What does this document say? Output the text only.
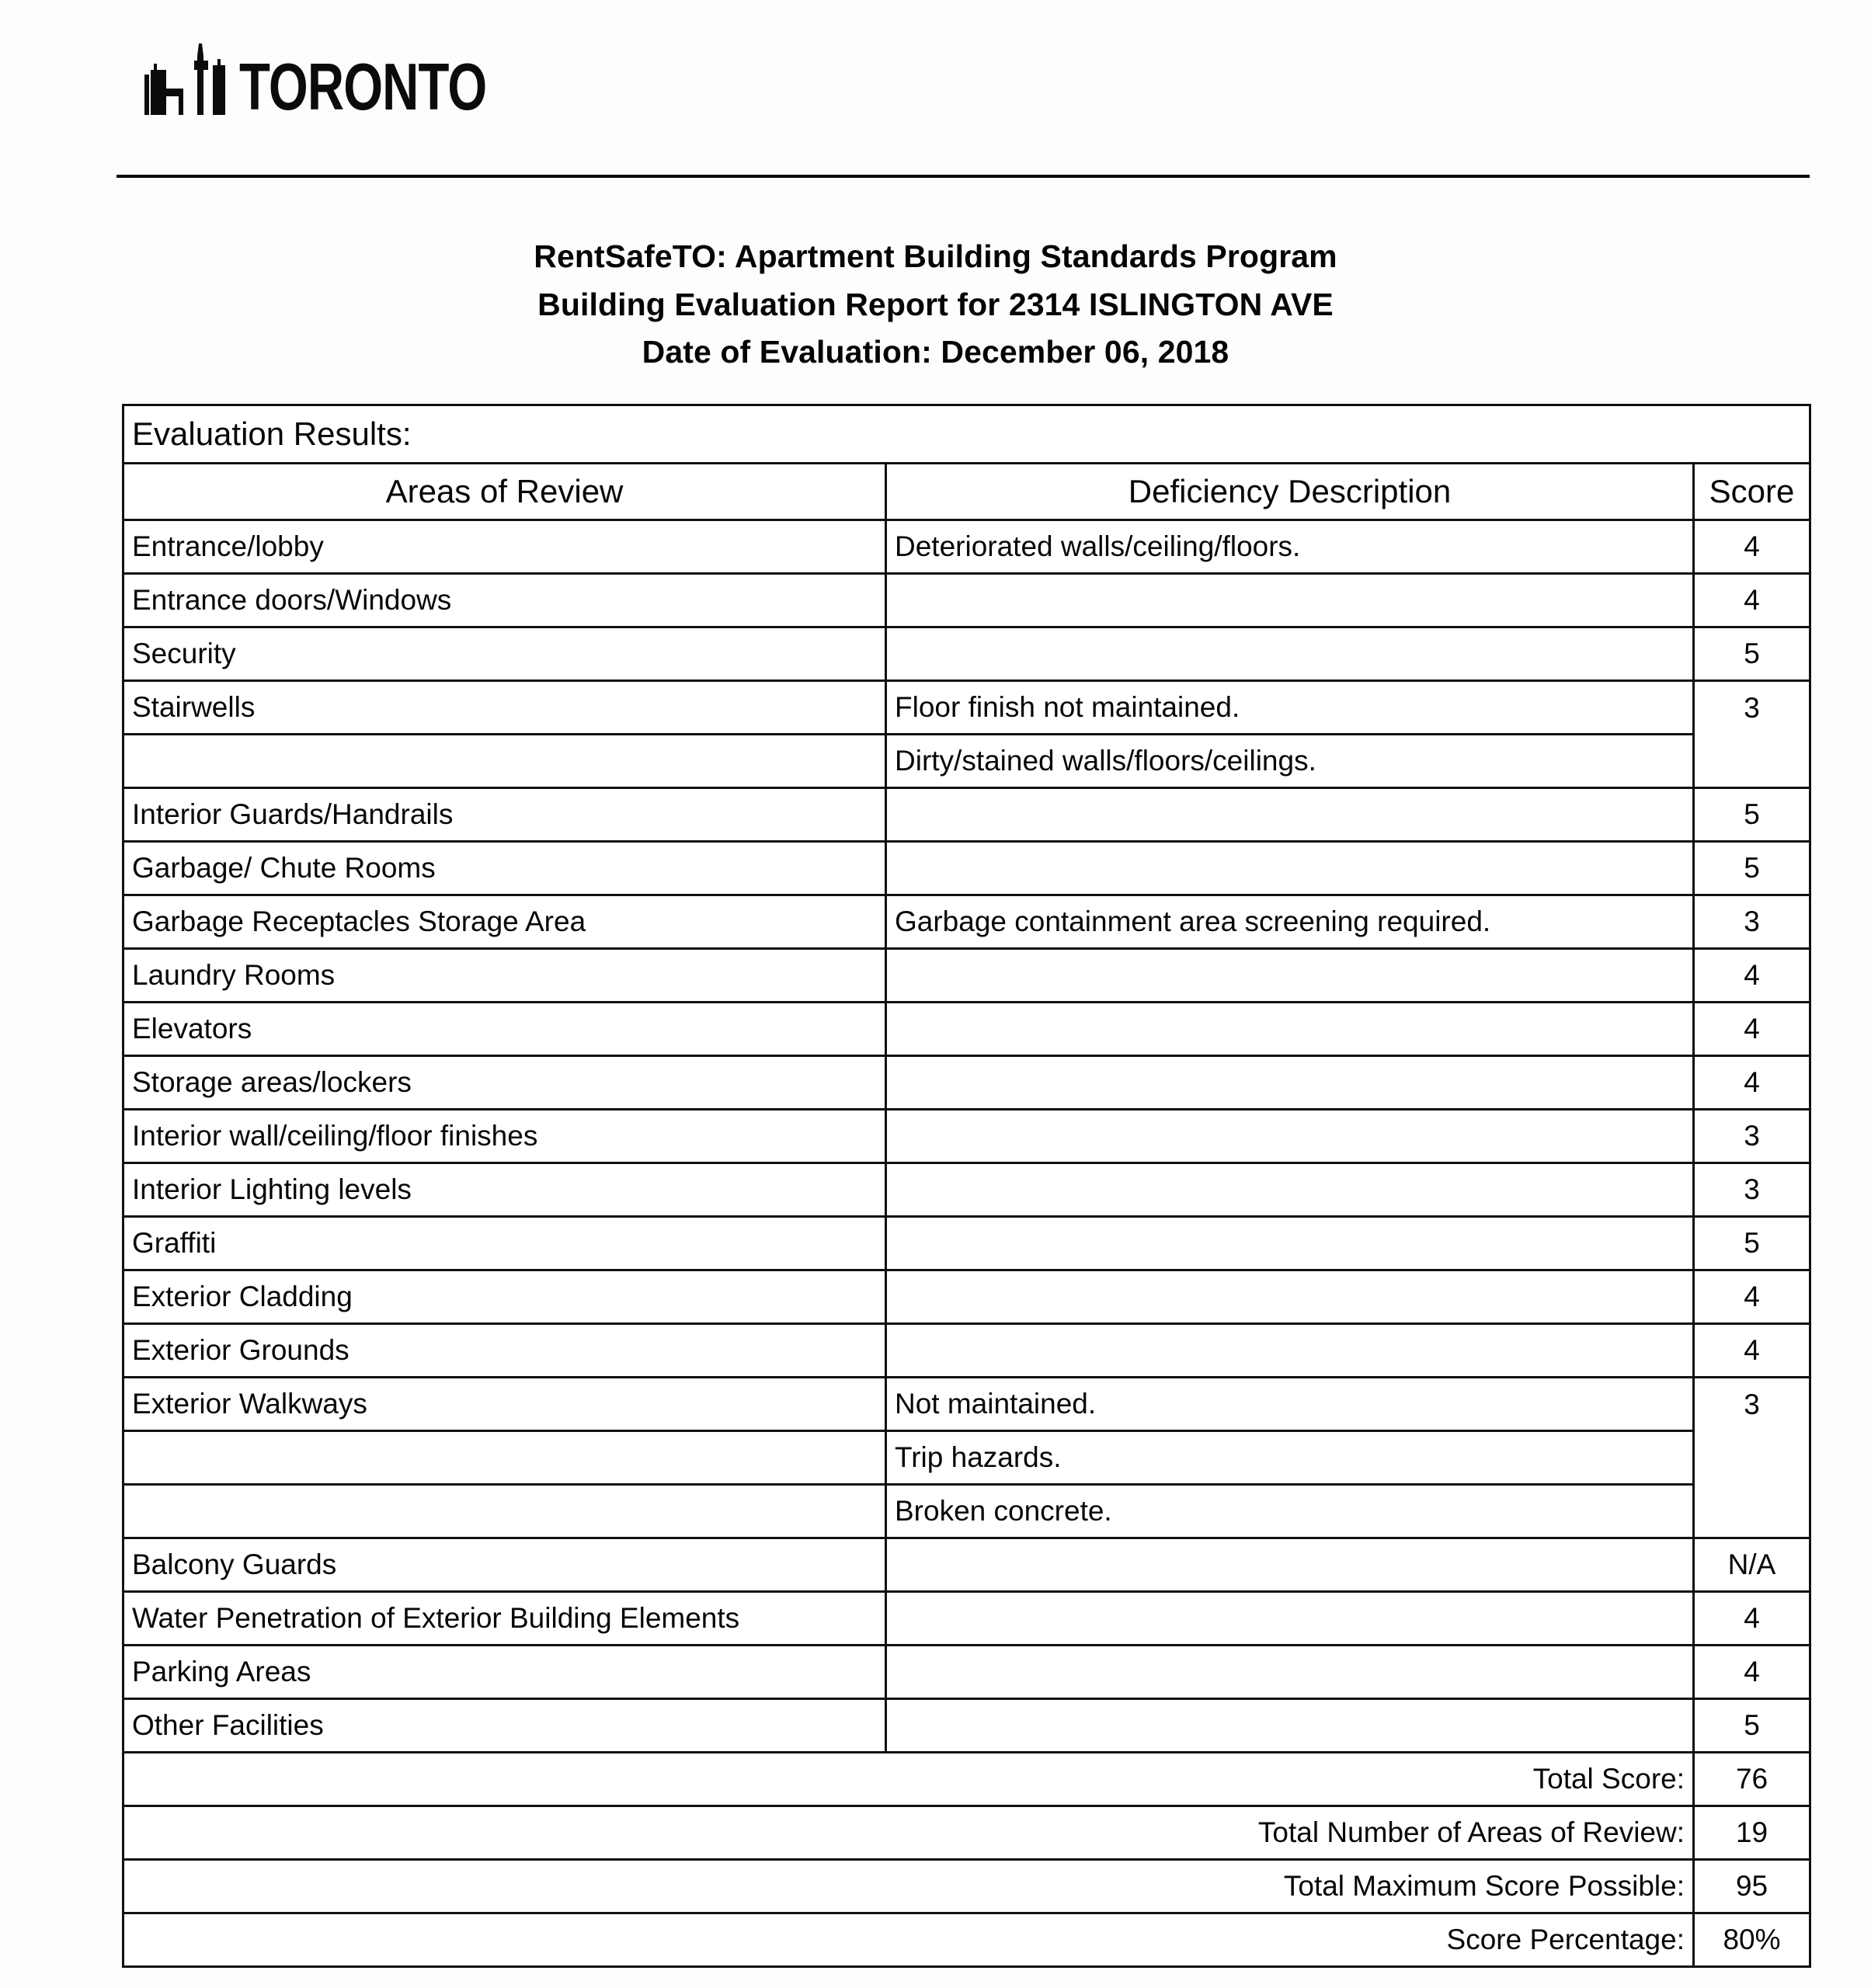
TORONTO
RentSafeTO: Apartment Building Standards Program
Building Evaluation Report for 2314 ISLINGTON AVE
Date of Evaluation: December 06, 2018
Evaluation Results:		
Areas of Review	Deficiency Description	Score
Entrance/lobby	Deteriorated walls/ceiling/floors.	4
Entrance doors/Windows		4
Security		5
Stairwells	Floor finish not maintained.	3
	Dirty/stained walls/floors/ceilings.	
Interior Guards/Handrails		5
Garbage/ Chute Rooms		5
Garbage Receptacles Storage Area	Garbage containment area screening required.	3
Laundry Rooms		4
Elevators		4
Storage areas/lockers		4
Interior wall/ceiling/floor finishes		3
Interior Lighting levels		3
Graffiti		5
Exterior Cladding		4
Exterior Grounds		4
Exterior Walkways	Not maintained.	3
	Trip hazards.	
	Broken concrete.	
Balcony Guards		N/A
Water Penetration of Exterior Building Elements		4
Parking Areas		4
Other Facilities		5
Total Score:		76
Total Number of Areas of Review:		19
Total Maximum Score Possible:		95
Score Percentage:		80%
